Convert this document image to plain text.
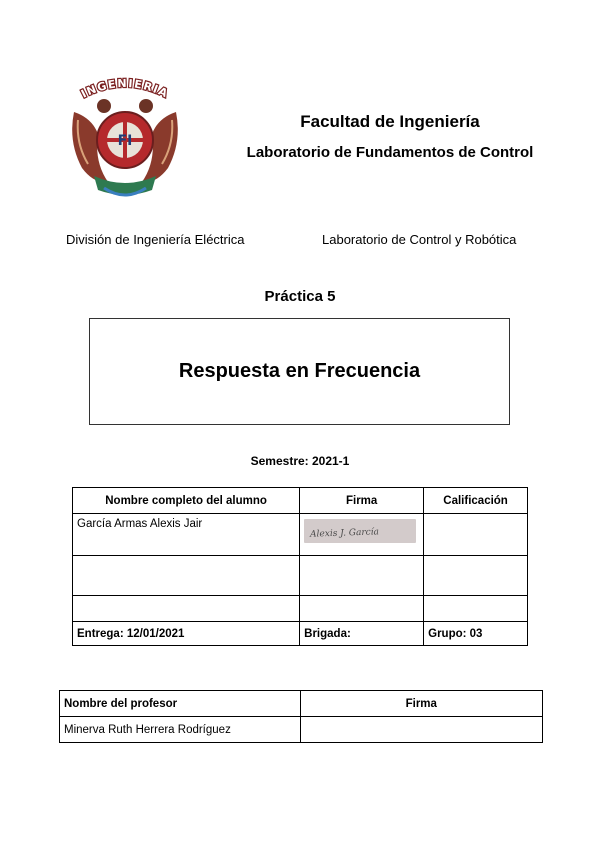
INGENIERIA
FI
INGENIERIA
Facultad de Ingeniería
Laboratorio de Fundamentos de Control
División de Ingeniería Eléctrica	Laboratorio de Control y Robótica
Práctica 5
Respuesta en Frecuencia
Semestre: 2021-1
Nombre completo del alumno	Firma	Calificación
García Armas Alexis Jair	Alexis J. García	

Entrega: 12/01/2021	Brigada:	Grupo: 03
Nombre del profesor	Firma
Minerva Ruth Herrera Rodríguez	
